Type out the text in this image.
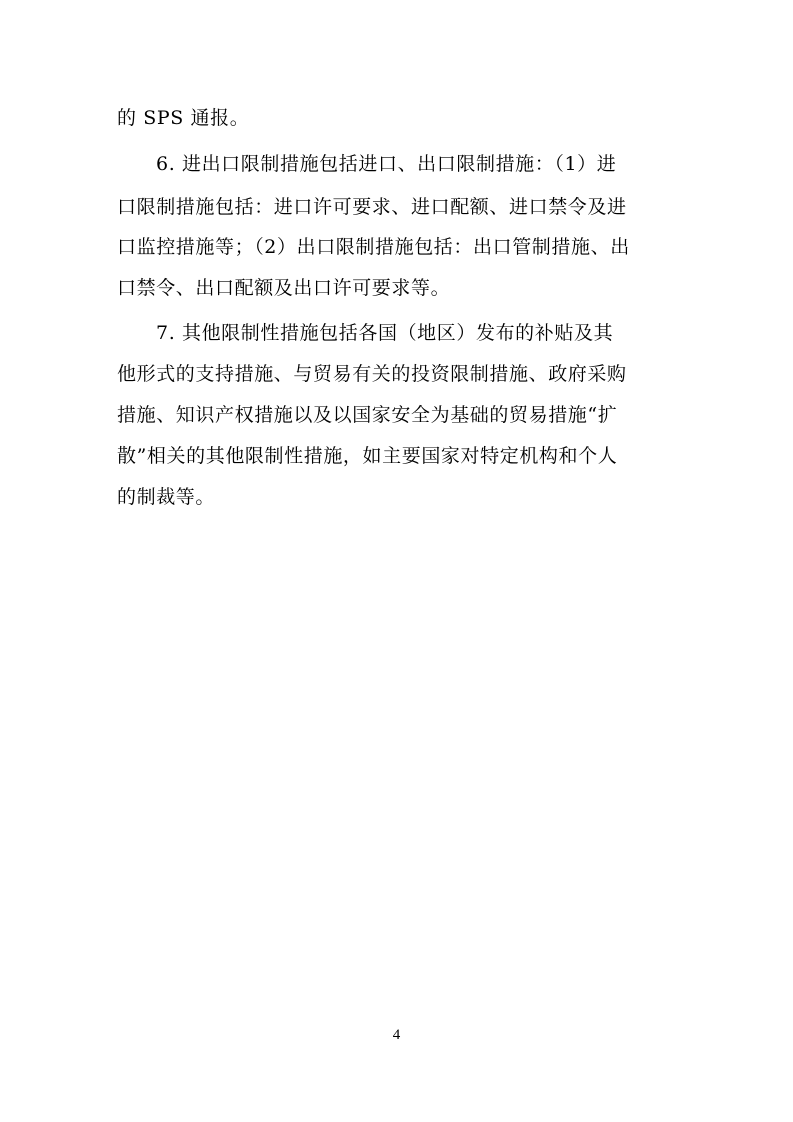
的 SPS 通报。
6. 进出口限制措施包括进口、出口限制措施：（1）进
口限制措施包括：进口许可要求、进口配额、进口禁令及进
口监控措施等；（2）出口限制措施包括：出口管制措施、出
口禁令、出口配额及出口许可要求等。
7. 其他限制性措施包括各国（地区）发布的补贴及其
他形式的支持措施、与贸易有关的投资限制措施、政府采购
措施、知识产权措施以及以国家安全为基础的贸易措施“扩
散”相关的其他限制性措施，如主要国家对特定机构和个人
的制裁等。
4
